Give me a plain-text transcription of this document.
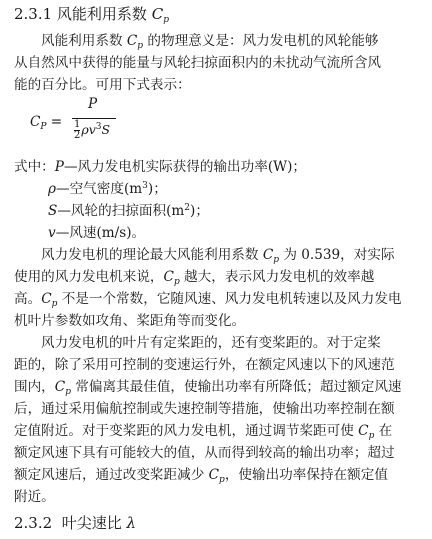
2.3.1 风能利用系数 $C_p$
风能利用系数 $C_p$ 的物理意义是：风力发电机的风轮能够
从自然风中获得的能量与风轮扫掠面积内的未扰动气流所含风
能的百分比。可用下式表示：
$C_P$ =
P
$\frac{1}{2} \rho v^3S$
式中：P—风力发电机实际获得的输出功率(W)；
ρ—空气密度$(m^3)$；
S—风轮的扫掠面积$(m^2)$；
v—风速(m/s)。
风力发电机的理论最大风能利用系数 $C_p$ 为 0.539，对实际
使用的风力发电机来说，$C_p$ 越大，表示风力发电机的效率越
高。$C_p$ 不是一个常数，它随风速、风力发电机转速以及风力发电
机叶片参数如攻角、桨距角等而变化。
风力发电机的叶片有定桨距的，还有变桨距的。对于定桨
距的，除了采用可控制的变速运行外，在额定风速以下的风速范
围内，$C_p$ 常偏离其最佳值，使输出功率有所降低；超过额定风速
后，通过采用偏航控制或失速控制等措施，使输出功率控制在额
定值附近。对于变桨距的风力发电机，通过调节桨距可使 $C_p$ 在
额定风速下具有可能较大的值，从而得到较高的输出功率；超过
额定风速后，通过改变桨距减少 $C_p$，使输出功率保持在额定值
附近。
2.3.2 叶尖速比 λ
